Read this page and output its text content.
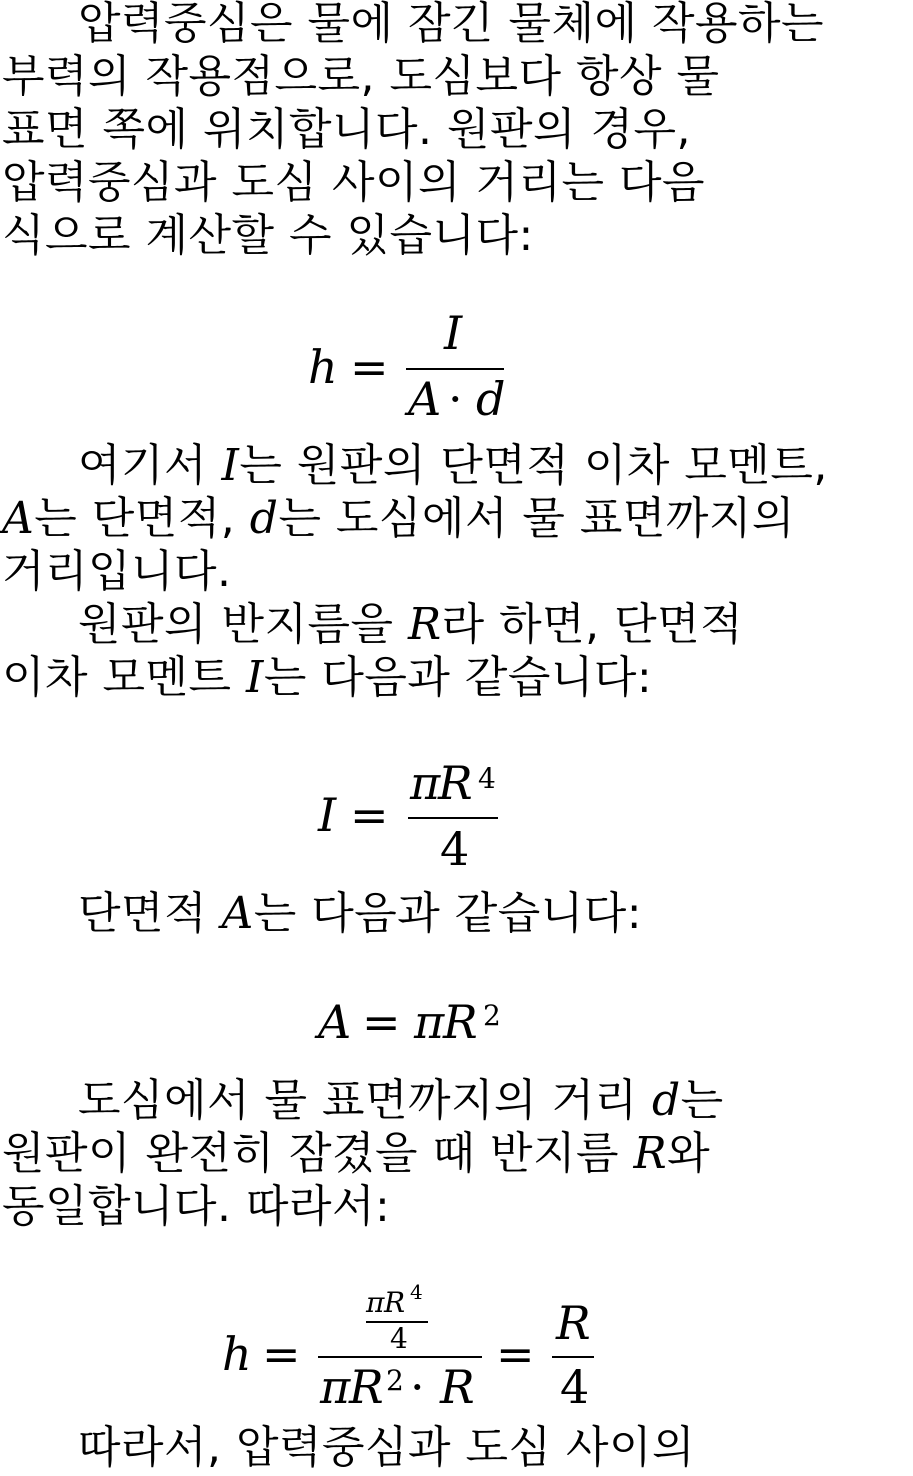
압력중심은 물에 잠긴 물체에 작용하는
부력의 작용점으로, 도심보다 항상 물
표면 쪽에 위치합니다. 원판의 경우,
압력중심과 도심 사이의 거리는 다음
식으로 계산할 수 있습니다:
h =
I
A · d
여기서 I는 원판의 단면적 이차 모멘트,
A는 단면적, d는 도심에서 물 표면까지의
거리입니다.
원판의 반지름을 R라 하면, 단면적
이차 모멘트 I는 다음과 같습니다:
I =
π
R 4
4
단면적 A는 다음과 같습니다:
A = π
R 2
도심에서 물 표면까지의 거리 d는
원판이 완전히 잠겼을 때 반지름 R와
동일합니다. 따라서:
h =
π R 4
4
π
R 2 · R
=
R
4
따라서, 압력중심과 도심 사이의
